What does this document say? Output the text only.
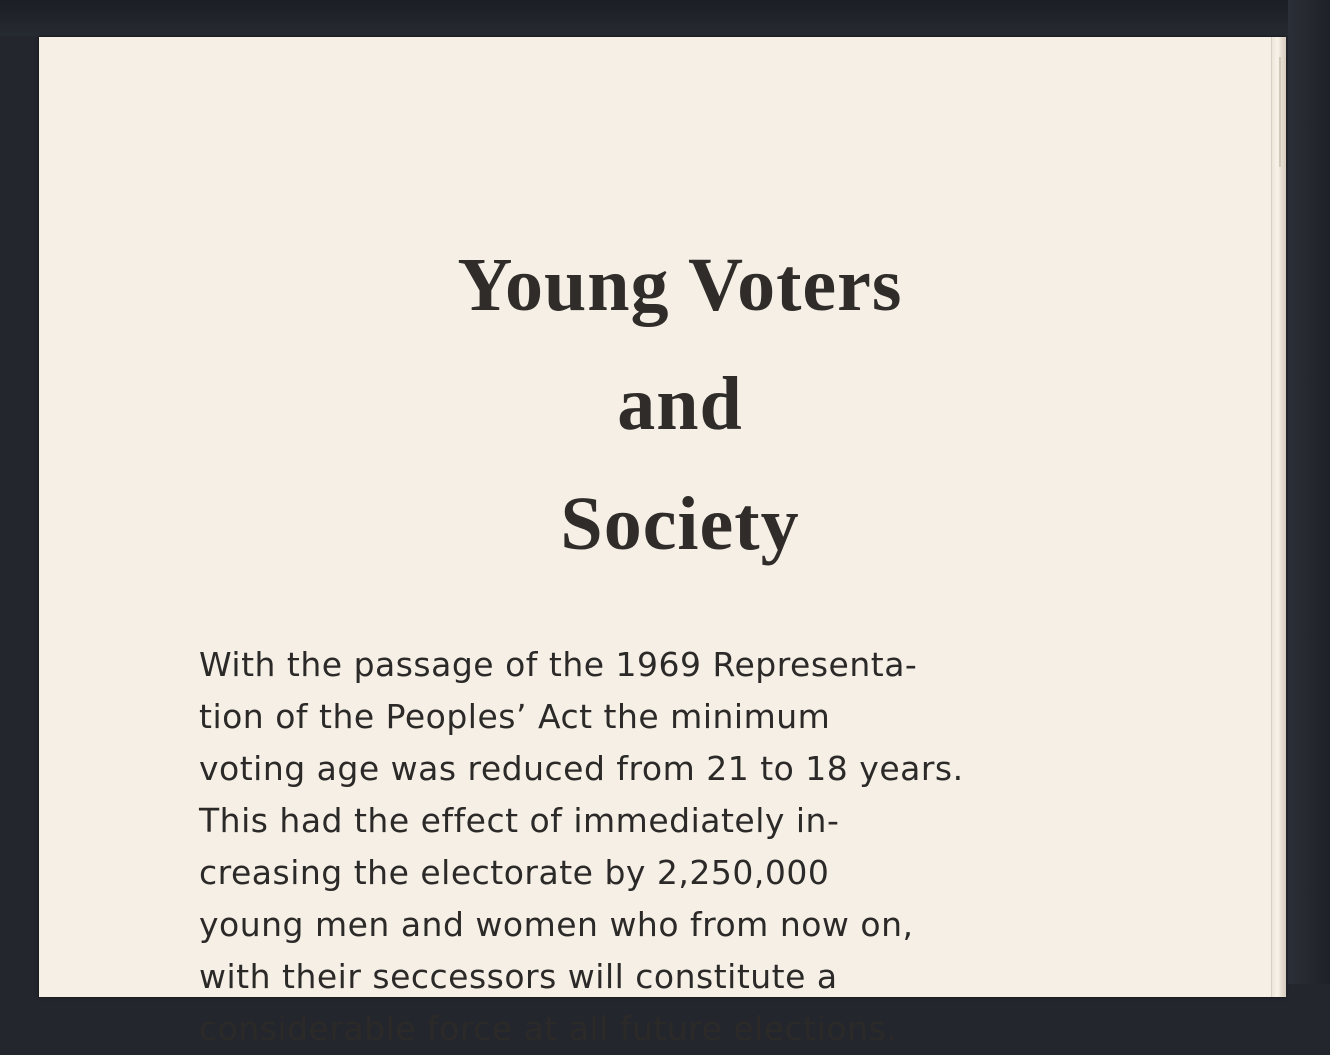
Young Voters
and
Society

With the passage of the 1969 Representa-
tion of the Peoples’ Act the minimum
voting age was reduced from 21 to 18 years.
This had the effect of immediately in-
creasing the electorate by 2,250,000
young men and women who from now on,
with their seccessors will constitute a
considerable force at all future elections.
